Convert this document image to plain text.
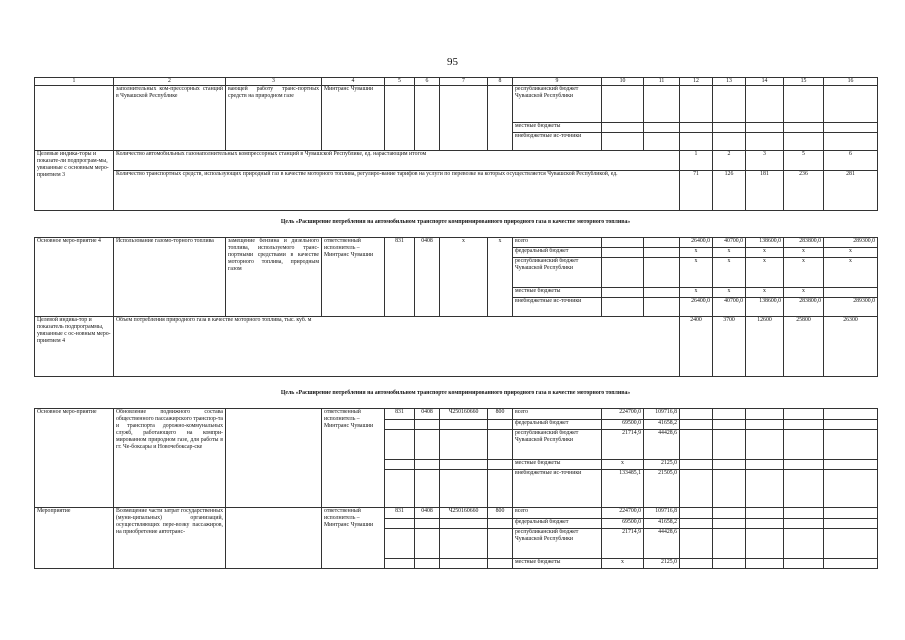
95
1	2	3	4	5	6	7	8	9	10	11	12	13	14	15	16
	заполнительных ком-прессорных станций в Чувашской Республике	вающей работу транс-портных средств на природном газе	Минтранс Чувашии					республиканский бюджет Чувашской Республики							
								местные бюджеты							
								внебюджетные ис-точники							
Целевые индика-торы и показате-ли подпрограм-мы, увязанные с основным меро-приятием 3	Количество автомобильных газонаполнительных компрессорных станций в Чувашской Республике, ед. нарастающим итогом										1	2	3	5	6
	Количество транспортных средств, использующих природный газ в качестве моторного топлива, регулиро-вание тарифов на услуги по перевозке на которых осуществляется Чувашской Республикой, ед.										71	126	181	236	281
Цель «Расширение потребления на автомобильном транспорте компримированного природного газа в качестве моторного топлива»
Основное меро-приятие 4	Использование газомо-торного топлива	замещение бензина и дизельного топлива, используемого транс-портными средствами в качестве моторного топлива, природным газом	ответственный исполнитель – Минтранс Чувашии	831	0408	х	х	всего			26400,0	40700,0	138600,0	283800,0	289300,0
								федеральный бюджет			х	х	х	х	х
								республиканский бюджет Чувашской Республики			х	х	х	х	х
								местные бюджеты			х	х	х	х	
								внебюджетные ис-точники			26400,0	40700,0	138600,0	283800,0	289300,0
Целевой индика-тор и показатель подпрограммы, увязанные с ос-новным меро-приятием 4	Объем потребления природного газа в качестве моторного топлива, тыс. куб. м										2400	3700	12600	25800	26300
Цель «Расширение потребления на автомобильном транспорте компримированного природного газа в качестве моторного топлива»
Основное меро-приятие	Обновление подвижного состава общественного пассажирского транспор-та и транспорта дорожно-коммунальных служб, работающего на компри-мированном природном газе, для работы в гг. Че-боксары и Новочебоксар-ске		ответственный исполнитель – Минтранс Чувашии	831	0408	Ч250160660	800	всего	224700,0	109716,8					
								федеральный бюджет	69500,0	41658,2					
								республиканский бюджет Чувашской Республики	21714,9	44428,6					
								местные бюджеты	х	2125,0					
								внебюджетные ис-точники	133485,1	21505,0					
Мероприятие	Возмещение части затрат государственных (муни-ципальных) организаций, осуществляющих пере-возку пассажиров, на приобретение автотранс-		ответственный исполнитель – Минтранс Чувашии	831	0408	Ч250160660	800	всего	224700,0	109716,8					
								федеральный бюджет	69500,0	41658,2					
								республиканский бюджет Чувашской Республики	21714,9	44428,6					
								местные бюджеты	х	2125,0					
